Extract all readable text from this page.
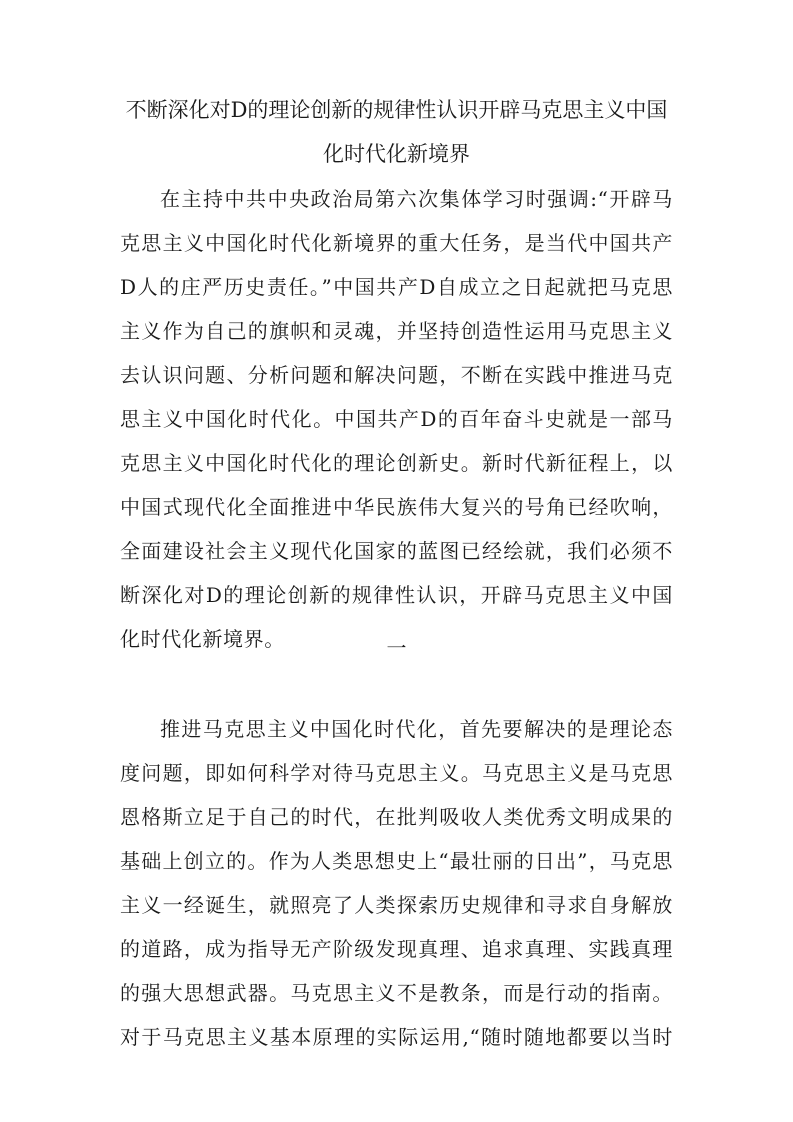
不断深化对D的理论创新的规律性认识开辟马克思主义中国
化时代化新境界
在主持中共中央政治局第六次集体学习时强调:“开辟马
克思主义中国化时代化新境界的重大任务，是当代中国共产
D人的庄严历史责任。”中国共产D自成立之日起就把马克思
主义作为自己的旗帜和灵魂，并坚持创造性运用马克思主义
去认识问题、分析问题和解决问题，不断在实践中推进马克
思主义中国化时代化。中国共产D的百年奋斗史就是一部马
克思主义中国化时代化的理论创新史。新时代新征程上，以
中国式现代化全面推进中华民族伟大复兴的号角已经吹响，
全面建设社会主义现代化国家的蓝图已经绘就，我们必须不
断深化对D的理论创新的规律性认识，开辟马克思主义中国
化时代化新境界。	一
推进马克思主义中国化时代化，首先要解决的是理论态
度问题，即如何科学对待马克思主义。马克思主义是马克思
恩格斯立足于自己的时代，在批判吸收人类优秀文明成果的
基础上创立的。作为人类思想史上“最壮丽的日出”，马克思
主义一经诞生，就照亮了人类探索历史规律和寻求自身解放
的道路，成为指导无产阶级发现真理、追求真理、实践真理
的强大思想武器。马克思主义不是教条，而是行动的指南。
对于马克思主义基本原理的实际运用,“随时随地都要以当时
